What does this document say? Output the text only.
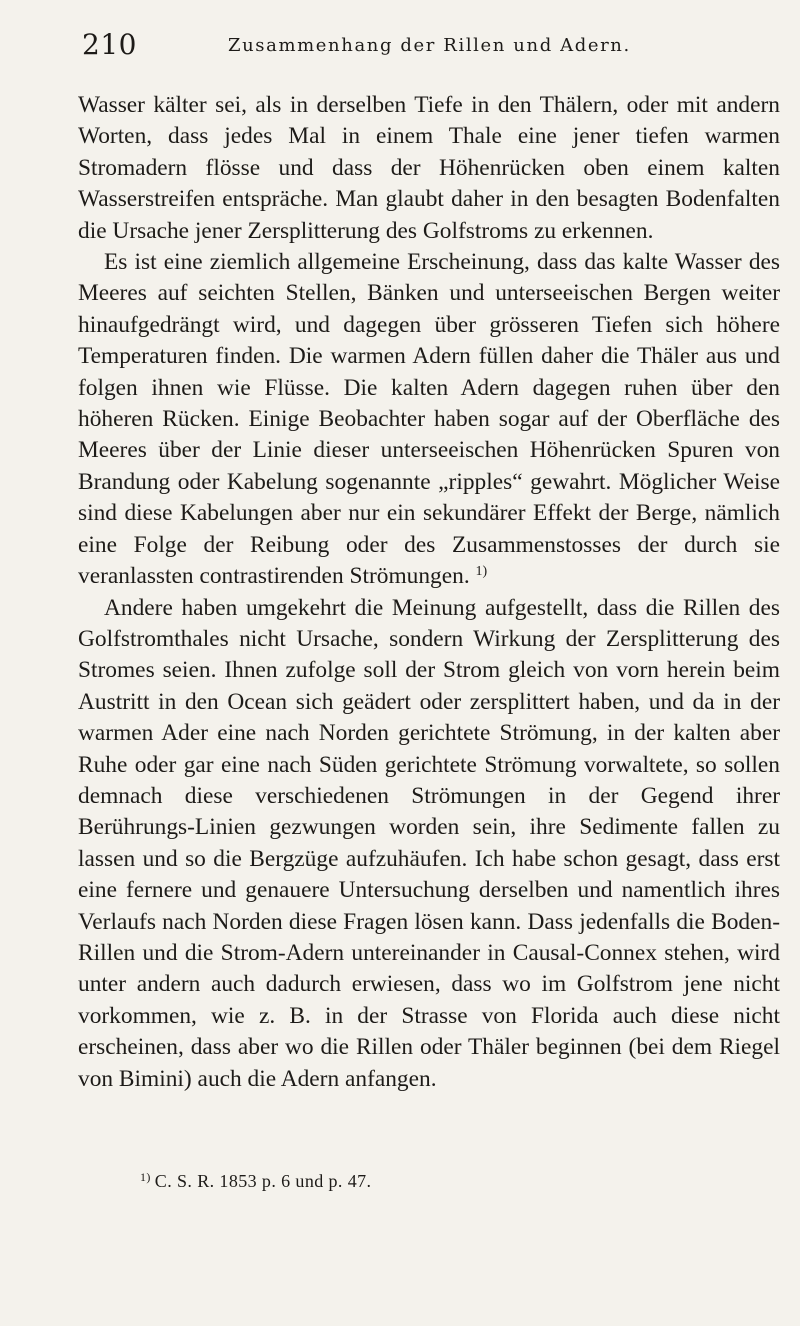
210	Zusammenhang der Rillen und Adern.

Wasser kälter sei, als in derselben Tiefe in den Thälern, oder mit andern Worten, dass jedes Mal in einem Thale eine jener tiefen warmen Stromadern flösse und dass der Höhenrücken oben einem kalten Wasserstreifen entspräche. Man glaubt daher in den besagten Bodenfalten die Ursache jener Zersplitterung des Golfstroms zu erkennen.

Es ist eine ziemlich allgemeine Erscheinung, dass das kalte Wasser des Meeres auf seichten Stellen, Bänken und unterseeischen Bergen weiter hinaufgedrängt wird, und dagegen über grösseren Tiefen sich höhere Temperaturen finden. Die warmen Adern füllen daher die Thäler aus und folgen ihnen wie Flüsse. Die kalten Adern dagegen ruhen über den höheren Rücken. Einige Beobachter haben sogar auf der Oberfläche des Meeres über der Linie dieser unterseeischen Höhenrücken Spuren von Brandung oder Kabelung sogenannte „ripples“ gewahrt. Möglicher Weise sind diese Kabelungen aber nur ein sekundärer Effekt der Berge, nämlich eine Folge der Reibung oder des Zusammenstosses der durch sie veranlassten contrastirenden Strömungen. $^{1)}$

Andere haben umgekehrt die Meinung aufgestellt, dass die Rillen des Golfstromthales nicht Ursache, sondern Wirkung der Zersplitterung des Stromes seien. Ihnen zufolge soll der Strom gleich von vorn herein beim Austritt in den Ocean sich geädert oder zersplittert haben, und da in der warmen Ader eine nach Norden gerichtete Strömung, in der kalten aber Ruhe oder gar eine nach Süden gerichtete Strömung vorwaltete, so sollen demnach diese verschiedenen Strömungen in der Gegend ihrer Berührungs-Linien gezwungen worden sein, ihre Sedimente fallen zu lassen und so die Bergzüge aufzuhäufen. Ich habe schon gesagt, dass erst eine fernere und genauere Untersuchung derselben und namentlich ihres Verlaufs nach Norden diese Fragen lösen kann. Dass jedenfalls die Boden-Rillen und die Strom-Adern untereinander in Causal-Connex stehen, wird unter andern auch dadurch erwiesen, dass wo im Golfstrom jene nicht vorkommen, wie z. B. in der Strasse von Florida auch diese nicht erscheinen, dass aber wo die Rillen oder Thäler beginnen (bei dem Riegel von Bimini) auch die Adern anfangen.

$^{1)}$ C. S. R. 1853 p. 6 und p. 47.
